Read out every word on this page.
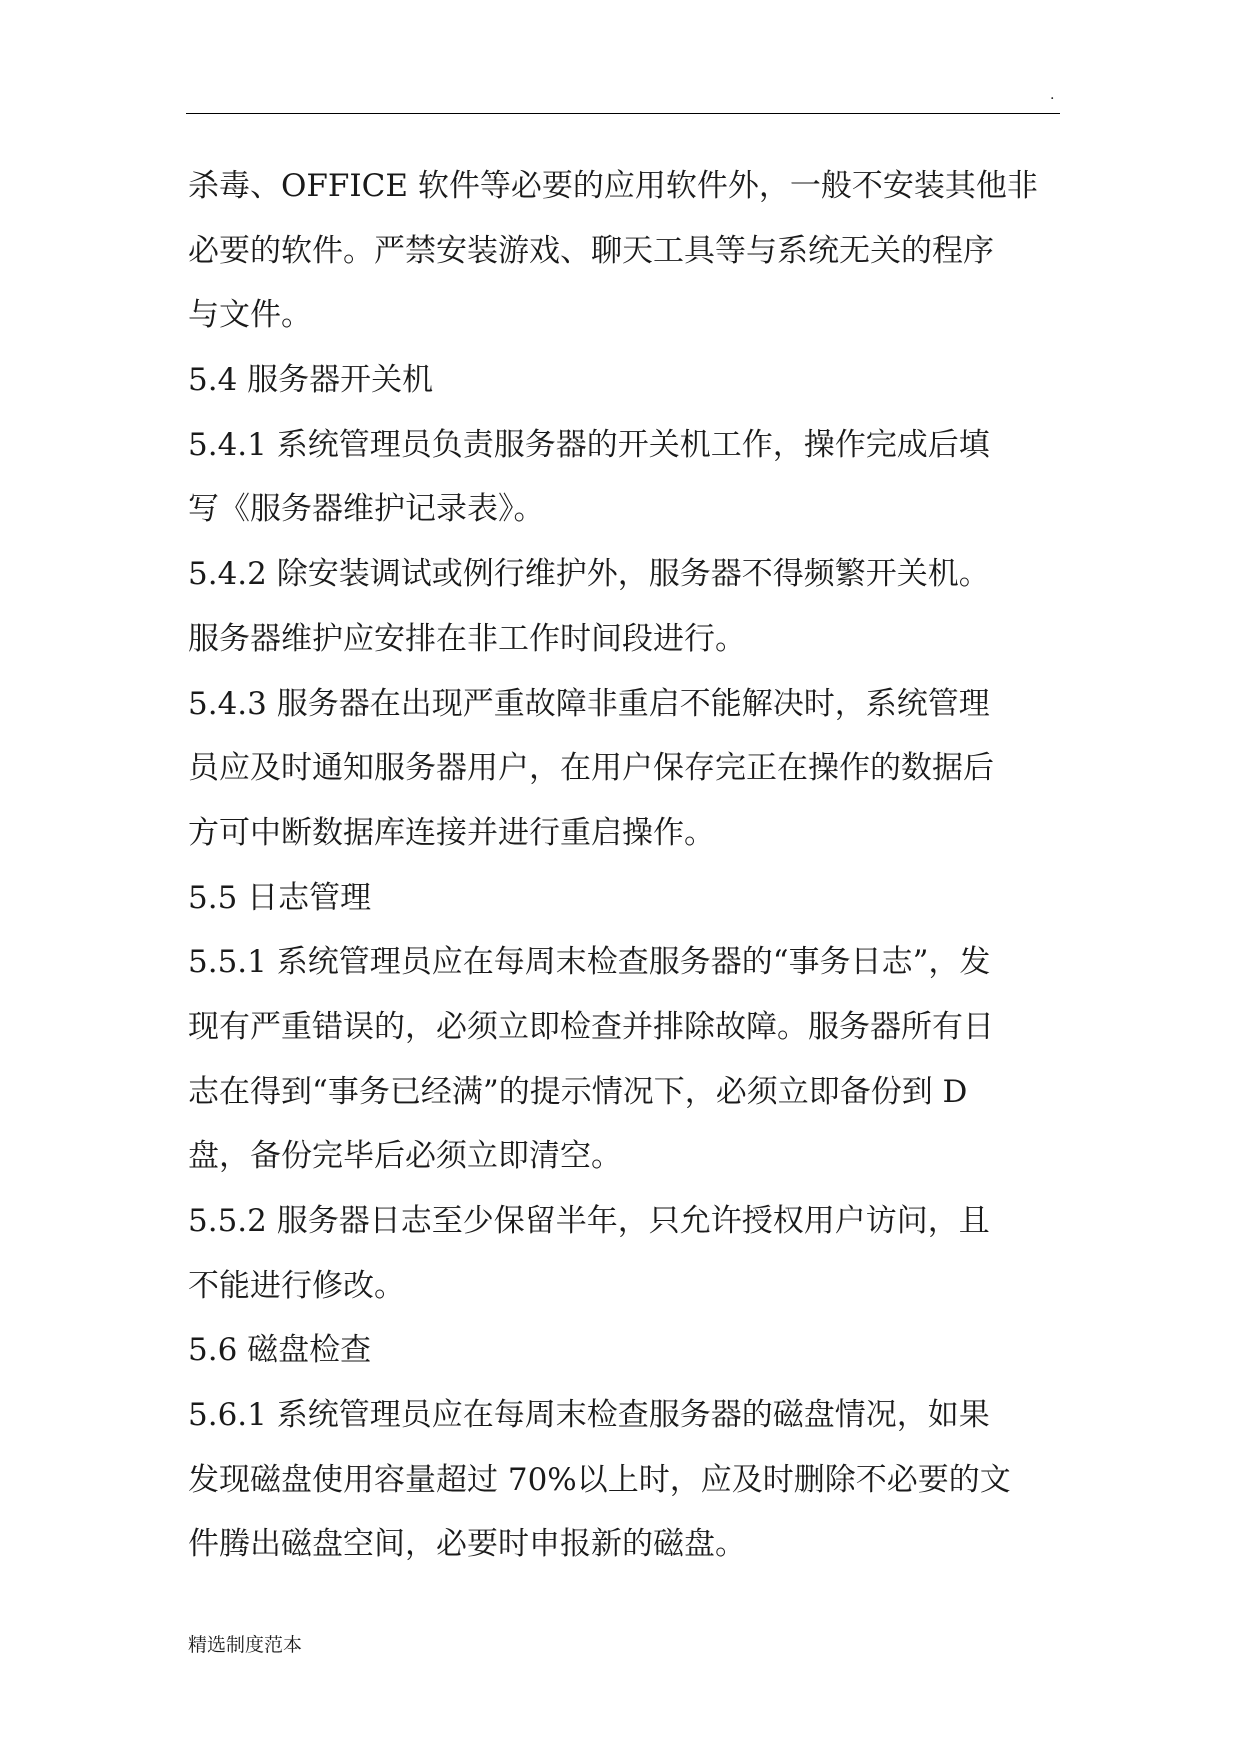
.
杀毒、OFFICE 软件等必要的应用软件外，一般不安装其他非
必要的软件。严禁安装游戏、聊天工具等与系统无关的程序
与文件。
5.4 服务器开关机
5.4.1 系统管理员负责服务器的开关机工作，操作完成后填
写《服务器维护记录表》。
5.4.2 除安装调试或例行维护外，服务器不得频繁开关机。
服务器维护应安排在非工作时间段进行。
5.4.3 服务器在出现严重故障非重启不能解决时，系统管理
员应及时通知服务器用户，在用户保存完正在操作的数据后
方可中断数据库连接并进行重启操作。
5.5 日志管理
5.5.1 系统管理员应在每周末检查服务器的“事务日志”，发
现有严重错误的，必须立即检查并排除故障。服务器所有日
志在得到“事务已经满”的提示情况下，必须立即备份到 D
盘，备份完毕后必须立即清空。
5.5.2 服务器日志至少保留半年，只允许授权用户访问，且
不能进行修改。
5.6 磁盘检查
5.6.1 系统管理员应在每周末检查服务器的磁盘情况，如果
发现磁盘使用容量超过 70%以上时，应及时删除不必要的文
件腾出磁盘空间，必要时申报新的磁盘。
精选制度范本
